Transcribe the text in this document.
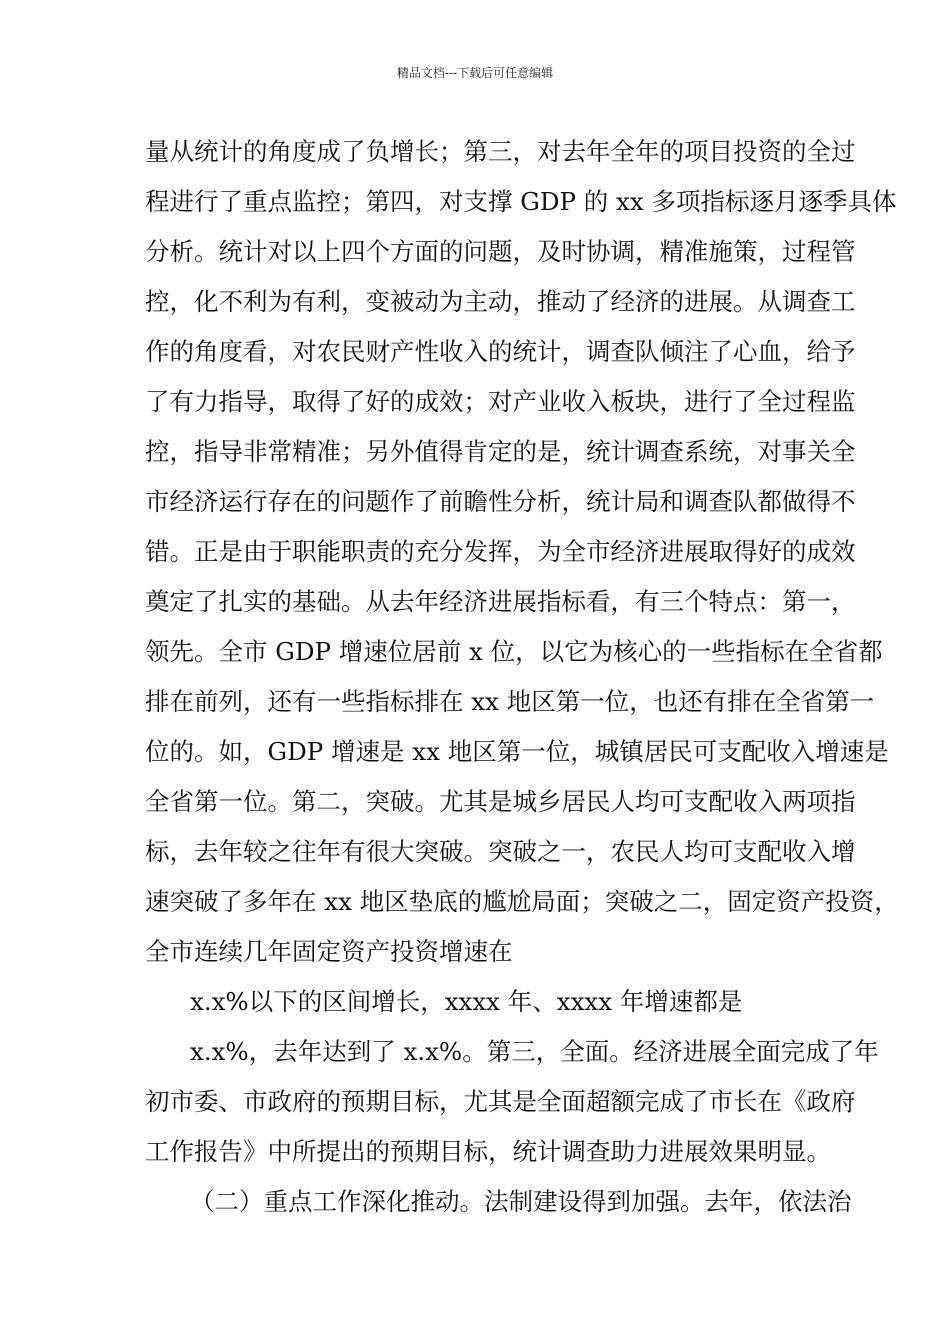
精品文档---下载后可任意编辑
量从统计的角度成了负增长；第三，对去年全年的项目投资的全过
程进行了重点监控；第四，对支撑 GDP 的 xx 多项指标逐月逐季具体
分析。统计对以上四个方面的问题，及时协调，精准施策，过程管
控，化不利为有利，变被动为主动，推动了经济的进展。从调查工
作的角度看，对农民财产性收入的统计，调查队倾注了心血，给予
了有力指导，取得了好的成效；对产业收入板块，进行了全过程监
控，指导非常精准；另外值得肯定的是，统计调查系统，对事关全
市经济运行存在的问题作了前瞻性分析，统计局和调查队都做得不
错。正是由于职能职责的充分发挥，为全市经济进展取得好的成效
奠定了扎实的基础。从去年经济进展指标看，有三个特点：第一，
领先。全市 GDP 增速位居前 x 位，以它为核心的一些指标在全省都
排在前列，还有一些指标排在 xx 地区第一位，也还有排在全省第一
位的。如，GDP 增速是 xx 地区第一位，城镇居民可支配收入增速是
全省第一位。第二，突破。尤其是城乡居民人均可支配收入两项指
标，去年较之往年有很大突破。突破之一，农民人均可支配收入增
速突破了多年在 xx 地区垫底的尴尬局面；突破之二，固定资产投资，
全市连续几年固定资产投资增速在
x.x%以下的区间增长，xxxx 年、xxxx 年增速都是
x.x%，去年达到了 x.x%。第三，全面。经济进展全面完成了年
初市委、市政府的预期目标，尤其是全面超额完成了市长在《政府
工作报告》中所提出的预期目标，统计调查助力进展效果明显。
（二）重点工作深化推动。法制建设得到加强。去年，依法治
